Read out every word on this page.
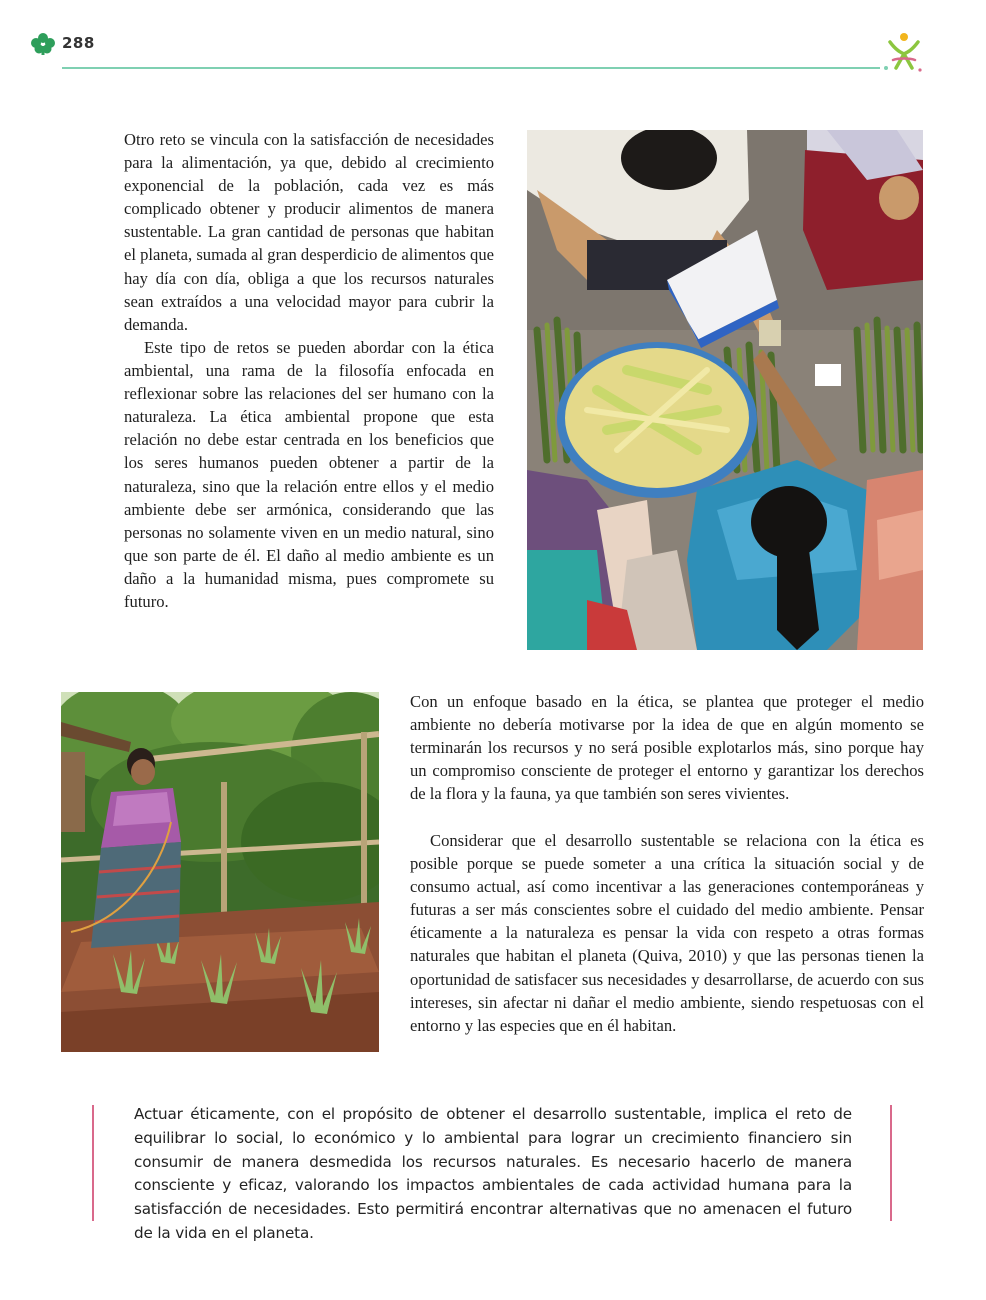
288

Otro reto se vincula con la satisfacción de necesidades para la alimentación, ya que, debido al crecimiento exponencial de la población, cada vez es más complicado obtener y producir alimentos de manera sustentable. La gran cantidad de personas que habitan el planeta, sumada al gran desperdicio de alimentos que hay día con día, obliga a que los recursos naturales sean extraídos a una velocidad mayor para cubrir la demanda.

Este tipo de retos se pueden abordar con la ética ambiental, una rama de la filosofía enfocada en reflexionar sobre las relaciones del ser humano con la naturaleza. La ética ambiental propone que esta relación no debe estar centrada en los beneficios que los seres humanos pueden obtener a partir de la naturaleza, sino que la relación entre ellos y el medio ambiente debe ser armónica, considerando que las personas no solamente viven en un medio natural, sino que son parte de él. El daño al medio ambiente es un daño a la humanidad misma, pues compromete su futuro.

Con un enfoque basado en la ética, se plantea que proteger el medio ambiente no debería motivarse por la idea de que en algún momento se terminarán los recursos y no será posible explotarlos más, sino porque hay un compromiso consciente de proteger el entorno y garantizar los derechos de la flora y la fauna, ya que también son seres vivientes.

Considerar que el desarrollo sustentable se relaciona con la ética es posible porque se puede someter a una crítica la situación social y de consumo actual, así como incentivar a las generaciones contemporáneas y futuras a ser más conscientes sobre el cuidado del medio ambiente. Pensar éticamente a la naturaleza es pensar la vida con respeto a otras formas naturales que habitan el planeta (Quiva, 2010) y que las personas tienen la oportunidad de satisfacer sus necesidades y desarrollarse, de acuerdo con sus intereses, sin afectar ni dañar el medio ambiente, siendo respetuosas con el entorno y las especies que en él habitan.

Actuar éticamente, con el propósito de obtener el desarrollo sustentable, implica el reto de equilibrar lo social, lo económico y lo ambiental para lograr un crecimiento financiero sin consumir de manera desmedida los recursos naturales. Es necesario hacerlo de manera consciente y eficaz, valorando los impactos ambientales de cada actividad humana para la satisfacción de necesidades. Esto permitirá encontrar alternativas que no amenacen el futuro de la vida en el planeta.
